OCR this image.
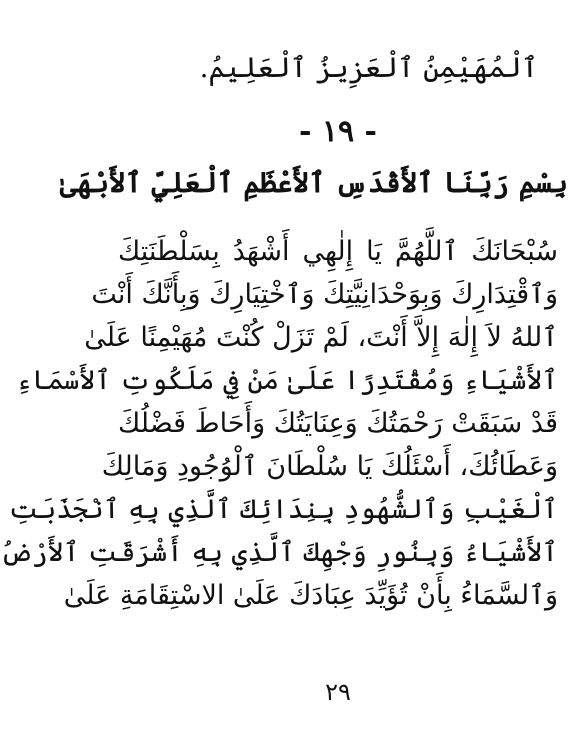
ٱلْمُهَيْمِنُ ٱلْعَزِيزُ ٱلْعَلِيمُ.
- ١٩ -
بِسْمِ رَبِّنَا ٱلأَقْدَسِ ٱلأَعْظَمِ ٱلْعَلِيِّ ٱلأَبْهَىٰ
سُبْحَانَكَ ٱللَّهُمَّ يَا إِلٰهِي أَشْهَدُ بِسَلْطَنَتِكَ
وَٱقْتِدَارِكَ وَبِوَحْدَانِيَّتِكَ وَٱخْتِيَارِكَ وَبِأَنَّكَ أَنْتَ
ٱللهُ لاَ إِلٰهَ إِلاَّ أَنْتَ، لَمْ تَزَلْ كُنْتَ مُهَيْمِنًا عَلَىٰ
ٱلأَشْيَاءِ وَمُقْتَدِرًا عَلَىٰ مَنْ فِي مَلَكُوتِ ٱلأَسْمَاءِ
قَدْ سَبَقَتْ رَحْمَتُكَ وَعِنَايَتُكَ وَأَحَاطَ فَضْلُكَ
وَعَطَائُكَ، أَسْئَلُكَ يَا سُلْطَانَ ٱلْوُجُودِ وَمَالِكَ
ٱلْغَيْبِ وَٱلشُّهُودِ بِنِدَائِكَ ٱلَّذِي بِهِ ٱنْجَذَبَتِ
ٱلأَشْيَاءُ وَبِنُورِ وَجْهِكَ ٱلَّذِي بِهِ أَشْرَقَتِ ٱلأَرْضُ
وَٱلسَّمَاءُ بِأَنْ تُؤَيِّدَ عِبَادَكَ عَلَىٰ الاسْتِقَامَةِ عَلَىٰ
٢٩
